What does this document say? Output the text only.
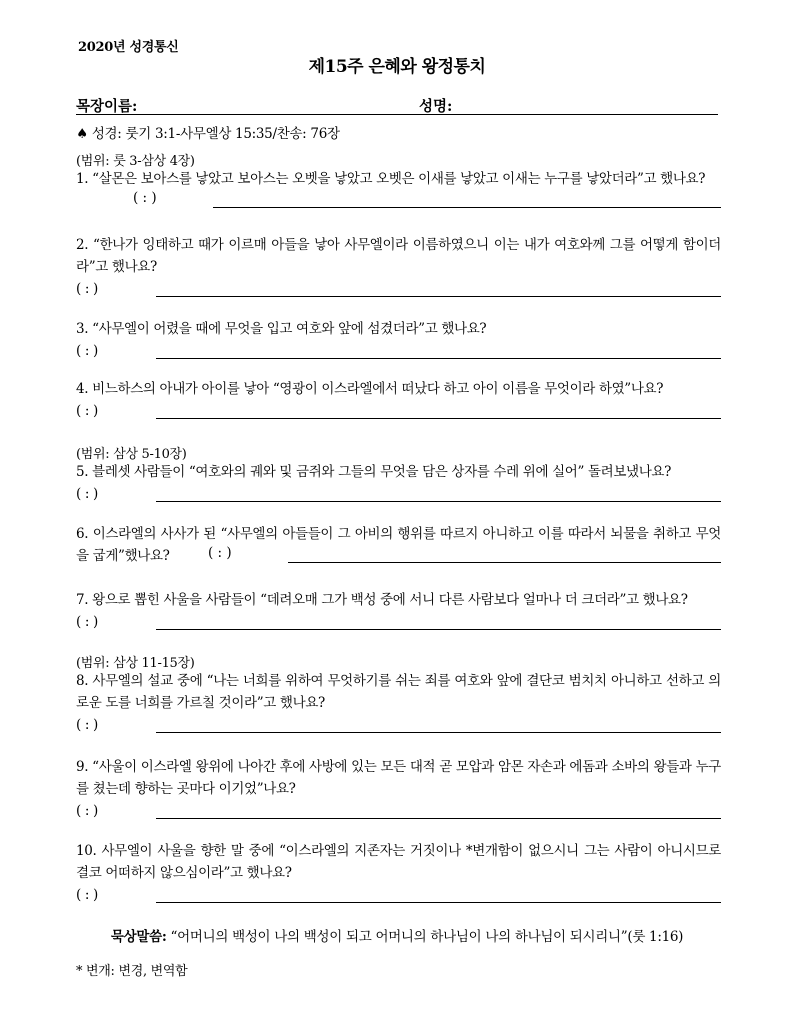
2020년 성경통신
제15주 은혜와 왕정통치
목장이름:	성명:
♠ 성경: 룻기 3:1-사무엘상 15:35/찬송: 76장
(범위: 룻 3-삼상 4장)
1. “살몬은 보아스를 낳았고 보아스는 오벳을 낳았고 오벳은 이새를 낳았고 이새는 누구를 낳았더라”고 했나요?
( : )
2. “한나가 잉태하고 때가 이르매 아들을 낳아 사무엘이라 이름하였으니 이는 내가 여호와께 그를 어떻게 함이더라”고 했나요?
( : )
3. “사무엘이 어렸을 때에 무엇을 입고 여호와 앞에 섬겼더라”고 했나요?
( : )
4. 비느하스의 아내가 아이를 낳아 “영광이 이스라엘에서 떠났다 하고 아이 이름을 무엇이라 하였”나요?
( : )
(범위: 삼상 5-10장)
5. 블레셋 사람들이 “여호와의 궤와 및 금쥐와 그들의 무엇을 담은 상자를 수레 위에 실어” 돌려보냈나요?
( : )
6. 이스라엘의 사사가 된 “사무엘의 아들들이 그 아비의 행위를 따르지 아니하고 이를 따라서 뇌물을 취하고 무엇을 굽게”했나요?	( : )
7. 왕으로 뽑힌 사울을 사람들이 “데려오매 그가 백성 중에 서니 다른 사람보다 얼마나 더 크더라”고 했나요?
( : )
(범위: 삼상 11-15장)
8. 사무엘의 설교 중에 “나는 너희를 위하여 무엇하기를 쉬는 죄를 여호와 앞에 결단코 범치치 아니하고 선하고 의로운 도를 너희를 가르칠 것이라”고 했나요?
( : )
9. “사울이 이스라엘 왕위에 나아간 후에 사방에 있는 모든 대적 곧 모압과 암몬 자손과 에돔과 소바의 왕들과 누구를 쳤는데 향하는 곳마다 이기었”나요?
( : )
10. 사무엘이 사울을 향한 말 중에 “이스라엘의 지존자는 거짓이나 *변개함이 없으시니 그는 사람이 아니시므로 결코 어떠하지 않으심이라”고 했나요?
( : )
묵상말씀: “어머니의 백성이 나의 백성이 되고 어머니의 하나님이 나의 하나님이 되시리니”(룻 1:16)
* 변개: 변경, 변역함
